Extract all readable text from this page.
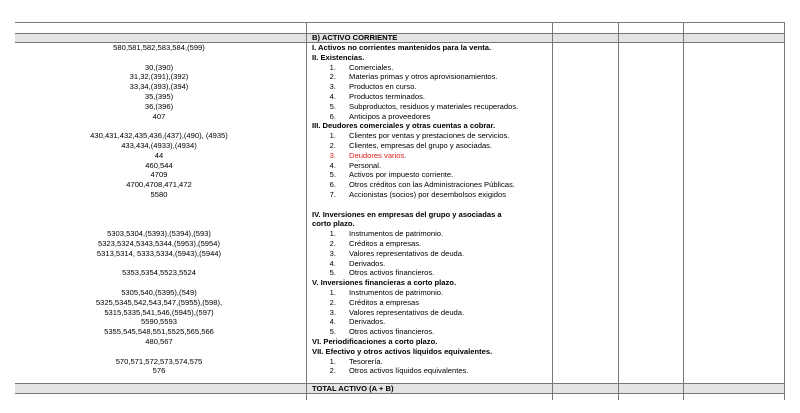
B) ACTIVO CORRIENTE
TOTAL ACTIVO (A + B)
580,581,582,583,584,(599)
30,(390)
31,32,(391),(392)
33,34,(393),(394)
35,(395)
36,(396)
407
430,431,432,435,436,(437),(490), (4935)
433,434,(4933),(4934)
44
460,544
4709
4700,4708,471,472
5580
5303,5304,(5393),(5394),(593)
5323,5324,5343,5344,(5953),(5954)
5313,5314, 5333,5334,(5943),(5944)
5353,5354,5523,5524
5305,540,(5395),(549)
5325,5345,542,543,547,(5955),(598),
5315,5335,541,546,(5945),(597)
5590,5593
5355,545,548,551,5525,565,566
480,567
570,571,572,573,574,575
576
I. Activos no corrientes mantenidos para la venta.
II. Existencias.
1. Comerciales.
2. Materias primas y otros aprovisionamientos.
3. Productos en curso.
4. Productos terminados.
5. Subproductos, residuos y materiales recuperados.
6. Anticipos a proveedores
III. Deudores comerciales y otras cuentas a cobrar.
1. Clientes por ventas y prestaciones de servicios.
2. Clientes, empresas del grupo y asociadas.
3. Deudores varios.
4. Personal.
5. Activos por impuesto corriente.
6. Otros créditos con las Administraciones Públicas.
7. Accionistas (socios) por desembolsos exigidos
IV. Inversiones en empresas del grupo y asociadas a
corto plazo.
1. Instrumentos de patrimonio.
2. Créditos a empresas.
3. Valores representativos de deuda.
4. Derivados.
5. Otros activos financieros.
V. Inversiones financieras a corto plazo.
1. Instrumentos de patrimonio.
2. Créditos a empresas
3. Valores representativos de deuda.
4. Derivados.
5. Otros activos financieros.
VI. Periodificaciones a corto plazo.
VII. Efectivo y otros activos líquidos equivalentes.
1. Tesorería.
2. Otros activos líquidos equivalentes.
